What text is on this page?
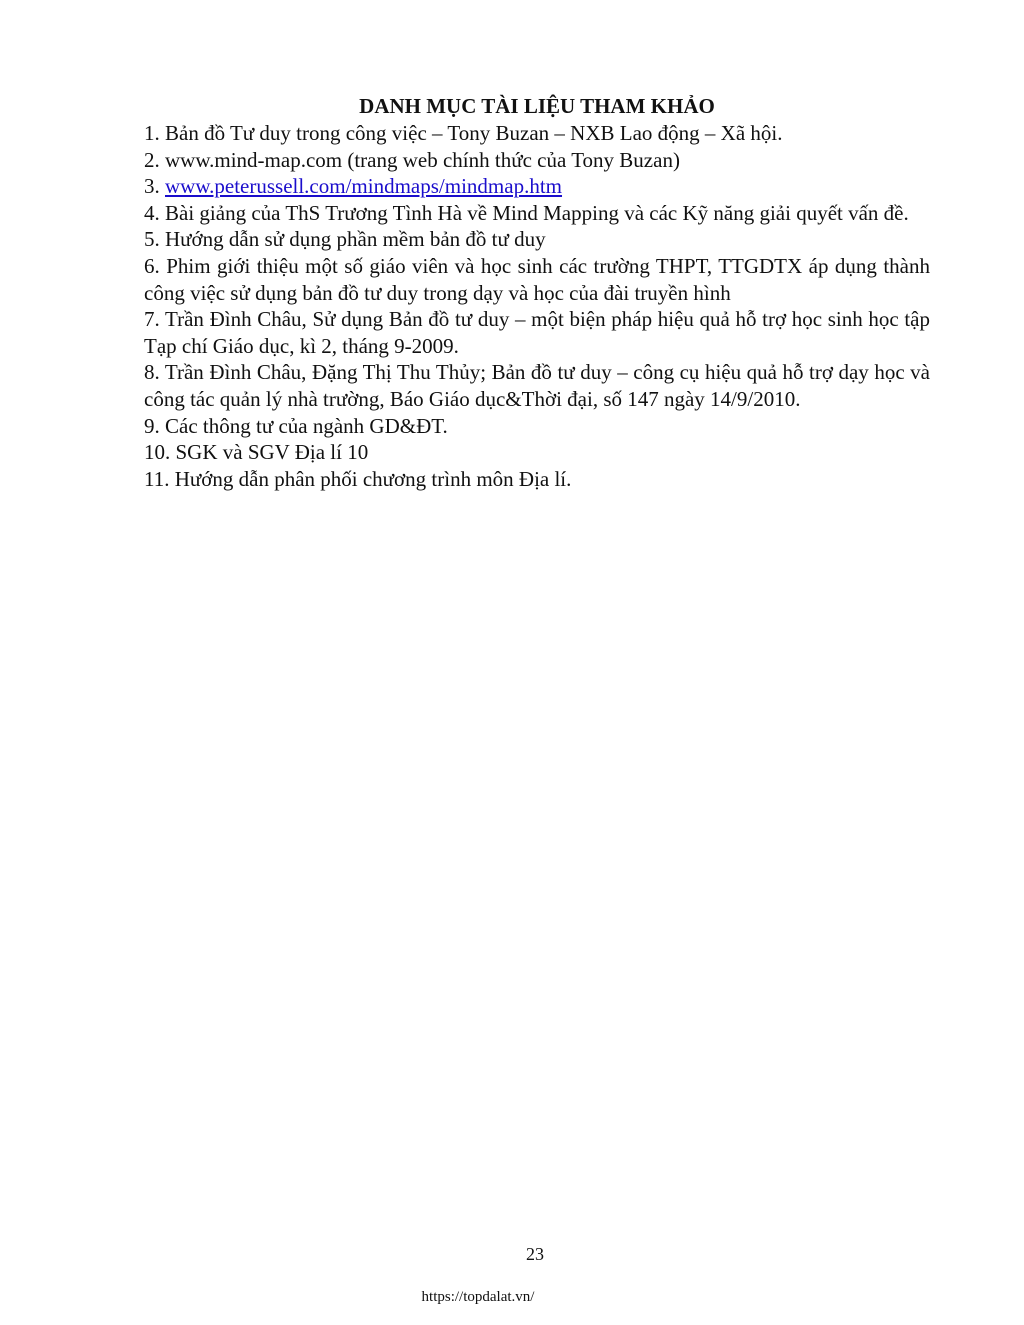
DANH MỤC TÀI LIỆU THAM KHẢO

1. Bản đồ Tư duy trong công việc – Tony Buzan – NXB Lao động – Xã hội.

2. www.mind-map.com (trang web chính thức của Tony Buzan)

3. www.peterussell.com/mindmaps/mindmap.htm

4. Bài giảng của ThS Trương Tình Hà về Mind Mapping và các Kỹ năng giải quyết vấn đề.

5. Hướng dẫn sử dụng phần mềm bản đồ tư duy

6. Phim giới thiệu một số giáo viên và học sinh các trường THPT, TTGDTX áp dụng thành công việc sử dụng bản đồ tư duy trong dạy và học của đài truyền hình

7. Trần Đình Châu, Sử dụng Bản đồ tư duy – một biện pháp hiệu quả hỗ trợ học sinh học tập Tạp chí Giáo dục, kì 2, tháng 9-2009.

8. Trần Đình Châu, Đặng Thị Thu Thủy; Bản đồ tư duy – công cụ hiệu quả hỗ trợ dạy học và công tác quản lý nhà trường, Báo Giáo dục&Thời đại, số 147 ngày 14/9/2010.

9. Các thông tư của ngành GD&ĐT.

10. SGK và SGV Địa lí 10

11. Hướng dẫn phân phối chương trình môn Địa lí.

23
https://topdalat.vn/
